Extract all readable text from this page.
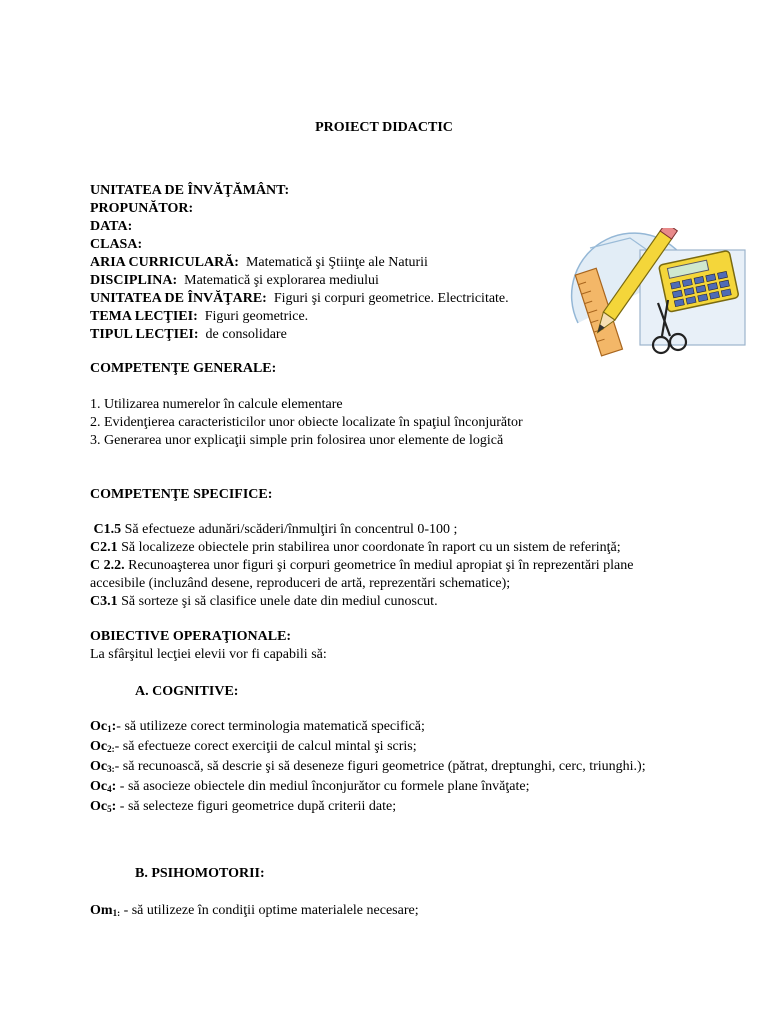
PROIECT DIDACTIC
UNITATEA DE ÎNVĂŢĂMÂNT:
PROPUNĂTOR:
DATA:
CLASA:
ARIA CURRICULARĂ: Matematică şi Ştiinţe ale Naturii
DISCIPLINA: Matematică şi explorarea mediului
UNITATEA DE ÎNVĂŢARE: Figuri şi corpuri geometrice. Electricitate.
TEMA LECŢIEI: Figuri geometrice.
TIPUL LECŢIEI: de consolidare
COMPETENŢE GENERALE:
1. Utilizarea numerelor în calcule elementare
2. Evidenţierea caracteristicilor unor obiecte localizate în spaţiul înconjurător
3. Generarea unor explicaţii simple prin folosirea unor elemente de logică
COMPETENŢE SPECIFICE:
C1.5 Să efectueze adunări/scăderi/înmulţiri în concentrul 0-100 ;
C2.1 Să localizeze obiectele prin stabilirea unor coordonate în raport cu un sistem de referinţă;
C 2.2. Recunoaşterea unor figuri şi corpuri geometrice în mediul apropiat şi în reprezentări plane accesibile (incluzând desene, reproduceri de artă, reprezentări schematice);
C3.1 Să sorteze şi să clasifice unele date din mediul cunoscut.
OBIECTIVE OPERAŢIONALE:
La sfârşitul lecţiei elevii vor fi capabili să:
A. COGNITIVE:
$Oc_1:-$ să utilizeze corect terminologia matematică specifică;
$Oc_{2:}-$ să efectueze corect exerciţii de calcul mintal şi scris;
$Oc_{3:}-$ să recunoască, să descrie şi să deseneze figuri geometrice (pătrat, dreptunghi, cerc, triunghi.);
$Oc_4$: - să asocieze obiectele din mediul înconjurător cu formele plane învăţate;
$Oc_5$: - să selecteze figuri geometrice după criterii date;
B. PSIHOMOTORII:
$Om_{1:}$ - să utilizeze în condiţii optime materialele necesare;
